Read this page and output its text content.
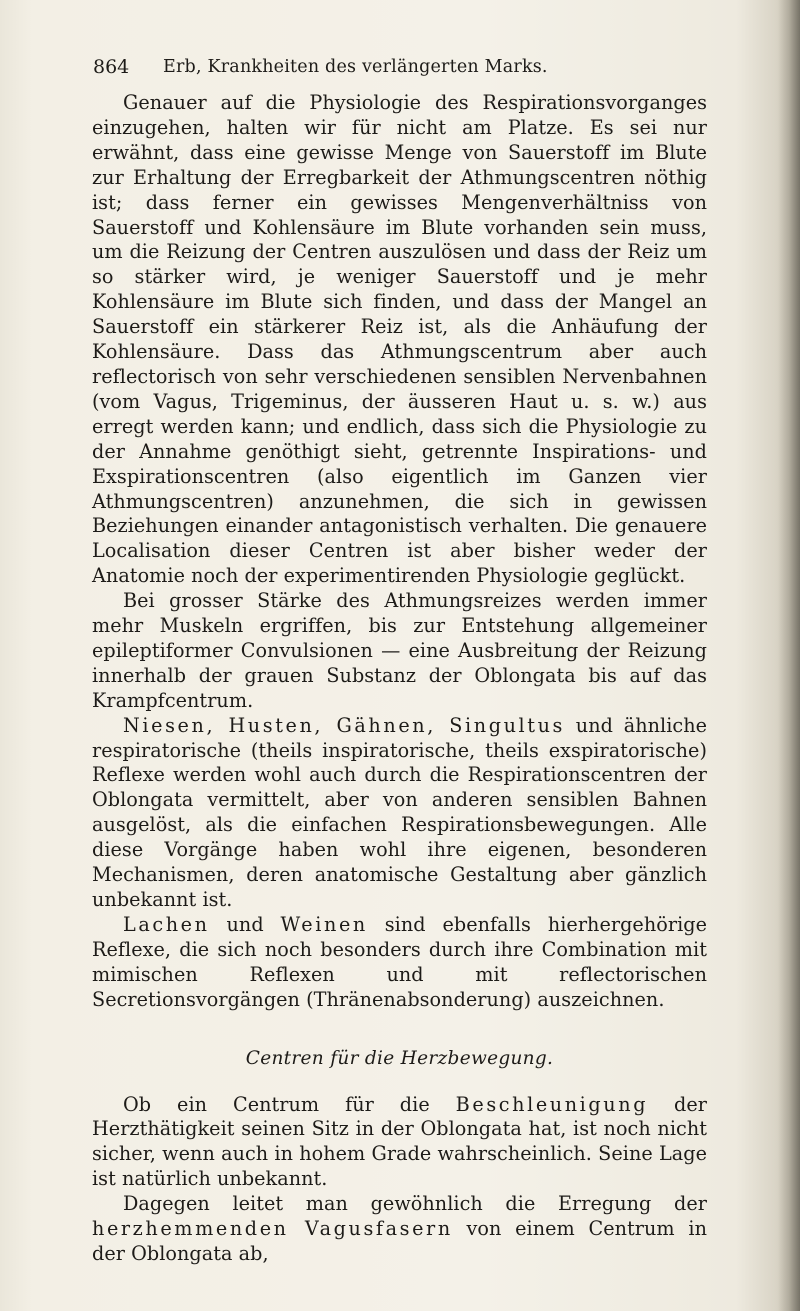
864 Erb, Krankheiten des verlängerten Marks.

Genauer auf die Physiologie des Respirationsvorganges einzugehen, halten wir für nicht am Platze. Es sei nur erwähnt, dass eine gewisse Menge von Sauerstoff im Blute zur Erhaltung der Erregbarkeit der Athmungscentren nöthig ist; dass ferner ein gewisses Mengenverhältniss von Sauerstoff und Kohlensäure im Blute vorhanden sein muss, um die Reizung der Centren auszulösen und dass der Reiz um so stärker wird, je weniger Sauerstoff und je mehr Kohlensäure im Blute sich finden, und dass der Mangel an Sauerstoff ein stärkerer Reiz ist, als die Anhäufung der Kohlensäure. Dass das Athmungscentrum aber auch reflectorisch von sehr verschiedenen sensiblen Nervenbahnen (vom Vagus, Trigeminus, der äusseren Haut u. s. w.) aus erregt werden kann; und endlich, dass sich die Physiologie zu der Annahme genöthigt sieht, getrennte Inspirations- und Exspirationscentren (also eigentlich im Ganzen vier Athmungscentren) anzunehmen, die sich in gewissen Beziehungen einander antagonistisch verhalten. Die genauere Localisation dieser Centren ist aber bisher weder der Anatomie noch der experimentirenden Physiologie geglückt.

Bei grosser Stärke des Athmungsreizes werden immer mehr Muskeln ergriffen, bis zur Entstehung allgemeiner epileptiformer Convulsionen — eine Ausbreitung der Reizung innerhalb der grauen Substanz der Oblongata bis auf das Krampfcentrum.

Niesen, Husten, Gähnen, Singultus und ähnliche respiratorische (theils inspiratorische, theils exspiratorische) Reflexe werden wohl auch durch die Respirationscentren der Oblongata vermittelt, aber von anderen sensiblen Bahnen ausgelöst, als die einfachen Respirationsbewegungen. Alle diese Vorgänge haben wohl ihre eigenen, besonderen Mechanismen, deren anatomische Gestaltung aber gänzlich unbekannt ist.

Lachen und Weinen sind ebenfalls hierhergehörige Reflexe, die sich noch besonders durch ihre Combination mit mimischen Reflexen und mit reflectorischen Secretionsvorgängen (Thränenabsonderung) auszeichnen.

Centren für die Herzbewegung.

Ob ein Centrum für die Beschleunigung der Herzthätigkeit seinen Sitz in der Oblongata hat, ist noch nicht sicher, wenn auch in hohem Grade wahrscheinlich. Seine Lage ist natürlich unbekannt.

Dagegen leitet man gewöhnlich die Erregung der herzhemmenden Vagusfasern von einem Centrum in der Oblongata ab,
